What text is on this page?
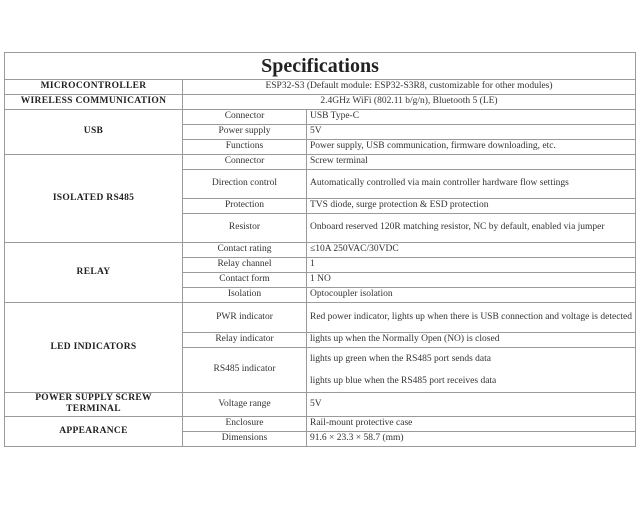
Specifications		
MICROCONTROLLER	ESP32-S3 (Default module: ESP32-S3R8, customizable for other modules)	
WIRELESS COMMUNICATION	2.4GHz WiFi (802.11 b/g/n), Bluetooth 5 (LE)	
USB	Connector	USB Type-C
	Power supply	5V
	Functions	Power supply, USB communication, firmware downloading, etc.
ISOLATED RS485	Connector	Screw terminal
	Direction control	Automatically controlled via main controller hardware flow settings
	Protection	TVS diode, surge protection & ESD protection
	Resistor	Onboard reserved 120R matching resistor, NC by default, enabled via jumper
RELAY	Contact rating	≤10A 250VAC/30VDC
	Relay channel	1
	Contact form	1 NO
	Isolation	Optocoupler isolation
LED INDICATORS	PWR indicator	Red power indicator, lights up when there is USB connection and voltage is detected
	Relay indicator	lights up when the Normally Open (NO) is closed
	RS485 indicator	lights up green when the RS485 port sends data
lights up blue when the RS485 port receives data

POWER SUPPLY SCREW TERMINAL	Voltage range	5V
APPEARANCE	Enclosure	Rail-mount protective case
	Dimensions	91.6 × 23.3 × 58.7 (mm)
